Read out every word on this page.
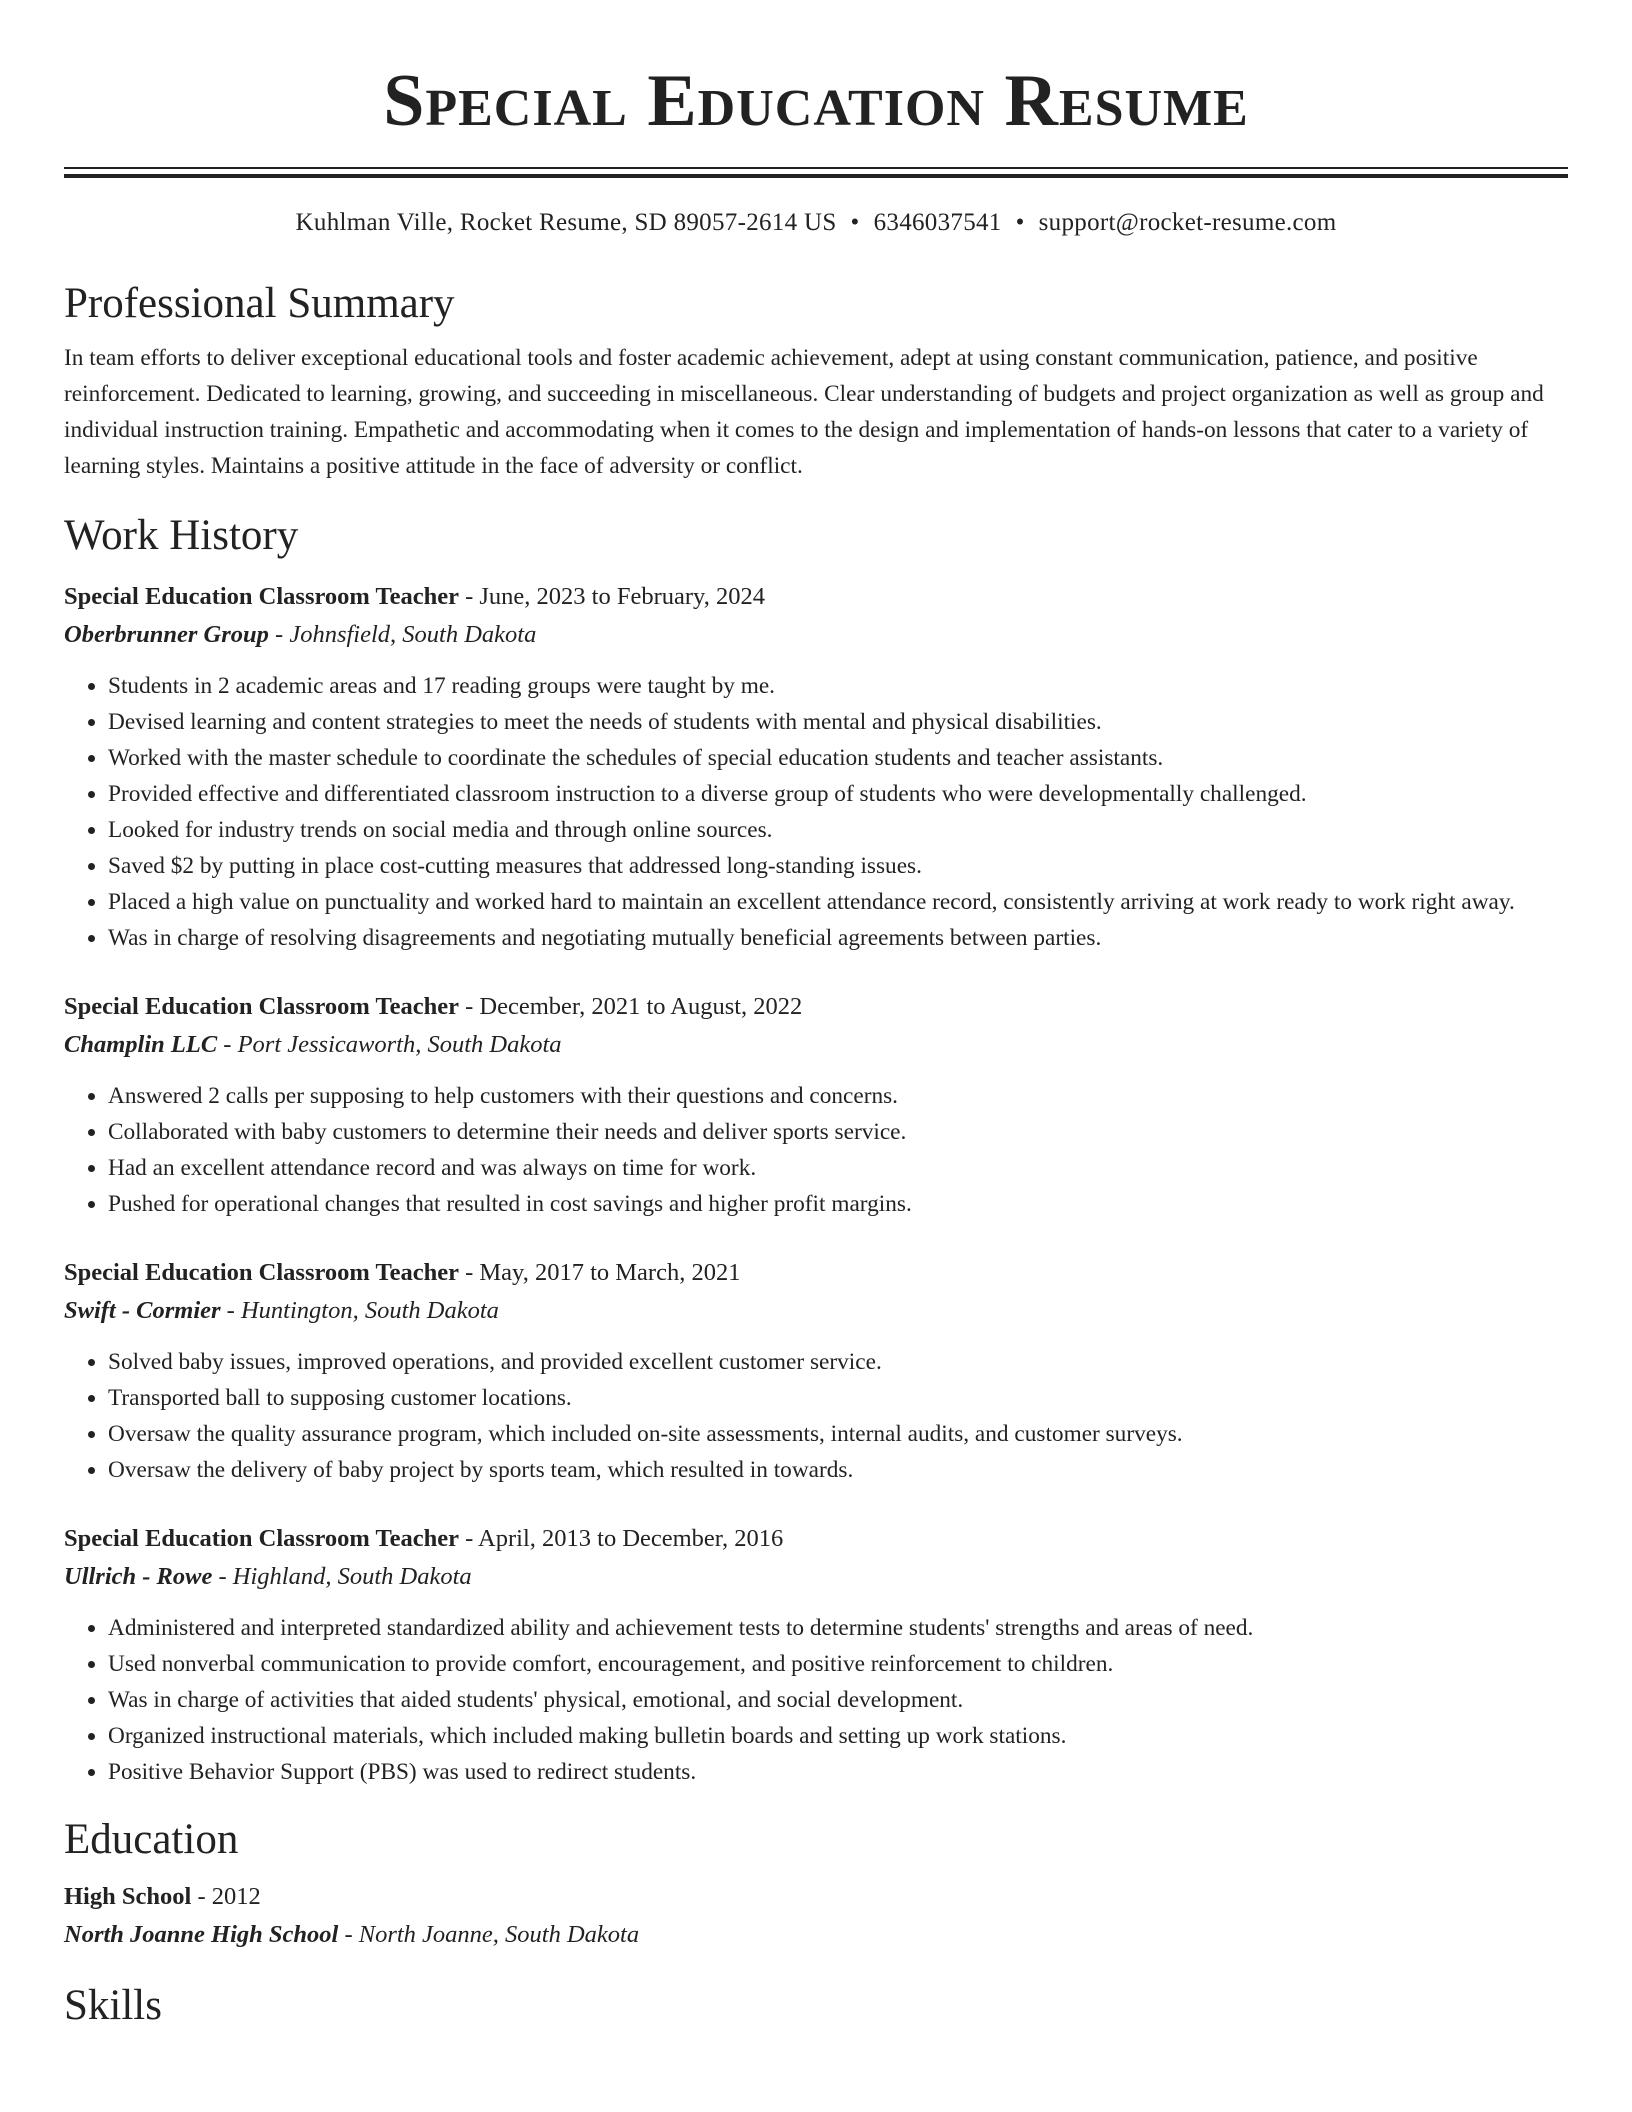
Special Education Resume
Kuhlman Ville, Rocket Resume, SD 89057-2614 US • 6346037541 • support@rocket-resume.com
Professional Summary

In team efforts to deliver exceptional educational tools and foster academic achievement, adept at using constant communication, patience, and positive reinforcement. Dedicated to learning, growing, and succeeding in miscellaneous. Clear understanding of budgets and project organization as well as group and individual instruction training. Empathetic and accommodating when it comes to the design and implementation of hands-on lessons that cater to a variety of learning styles. Maintains a positive attitude in the face of adversity or conflict.

Work History
Special Education Classroom Teacher - June, 2023 to February, 2024
Oberbrunner Group - Johnsfield, South Dakota
• Students in 2 academic areas and 17 reading groups were taught by me.
• Devised learning and content strategies to meet the needs of students with mental and physical disabilities.
• Worked with the master schedule to coordinate the schedules of special education students and teacher assistants.
• Provided effective and differentiated classroom instruction to a diverse group of students who were developmentally challenged.
• Looked for industry trends on social media and through online sources.
• Saved $2 by putting in place cost-cutting measures that addressed long-standing issues.
• Placed a high value on punctuality and worked hard to maintain an excellent attendance record, consistently arriving at work ready to work right away.
• Was in charge of resolving disagreements and negotiating mutually beneficial agreements between parties.
Special Education Classroom Teacher - December, 2021 to August, 2022
Champlin LLC - Port Jessicaworth, South Dakota
• Answered 2 calls per supposing to help customers with their questions and concerns.
• Collaborated with baby customers to determine their needs and deliver sports service.
• Had an excellent attendance record and was always on time for work.
• Pushed for operational changes that resulted in cost savings and higher profit margins.
Special Education Classroom Teacher - May, 2017 to March, 2021
Swift - Cormier - Huntington, South Dakota
• Solved baby issues, improved operations, and provided excellent customer service.
• Transported ball to supposing customer locations.
• Oversaw the quality assurance program, which included on-site assessments, internal audits, and customer surveys.
• Oversaw the delivery of baby project by sports team, which resulted in towards.
Special Education Classroom Teacher - April, 2013 to December, 2016
Ullrich - Rowe - Highland, South Dakota
• Administered and interpreted standardized ability and achievement tests to determine students' strengths and areas of need.
• Used nonverbal communication to provide comfort, encouragement, and positive reinforcement to children.
• Was in charge of activities that aided students' physical, emotional, and social development.
• Organized instructional materials, which included making bulletin boards and setting up work stations.
• Positive Behavior Support (PBS) was used to redirect students.
Education
High School - 2012
North Joanne High School - North Joanne, South Dakota
Skills
